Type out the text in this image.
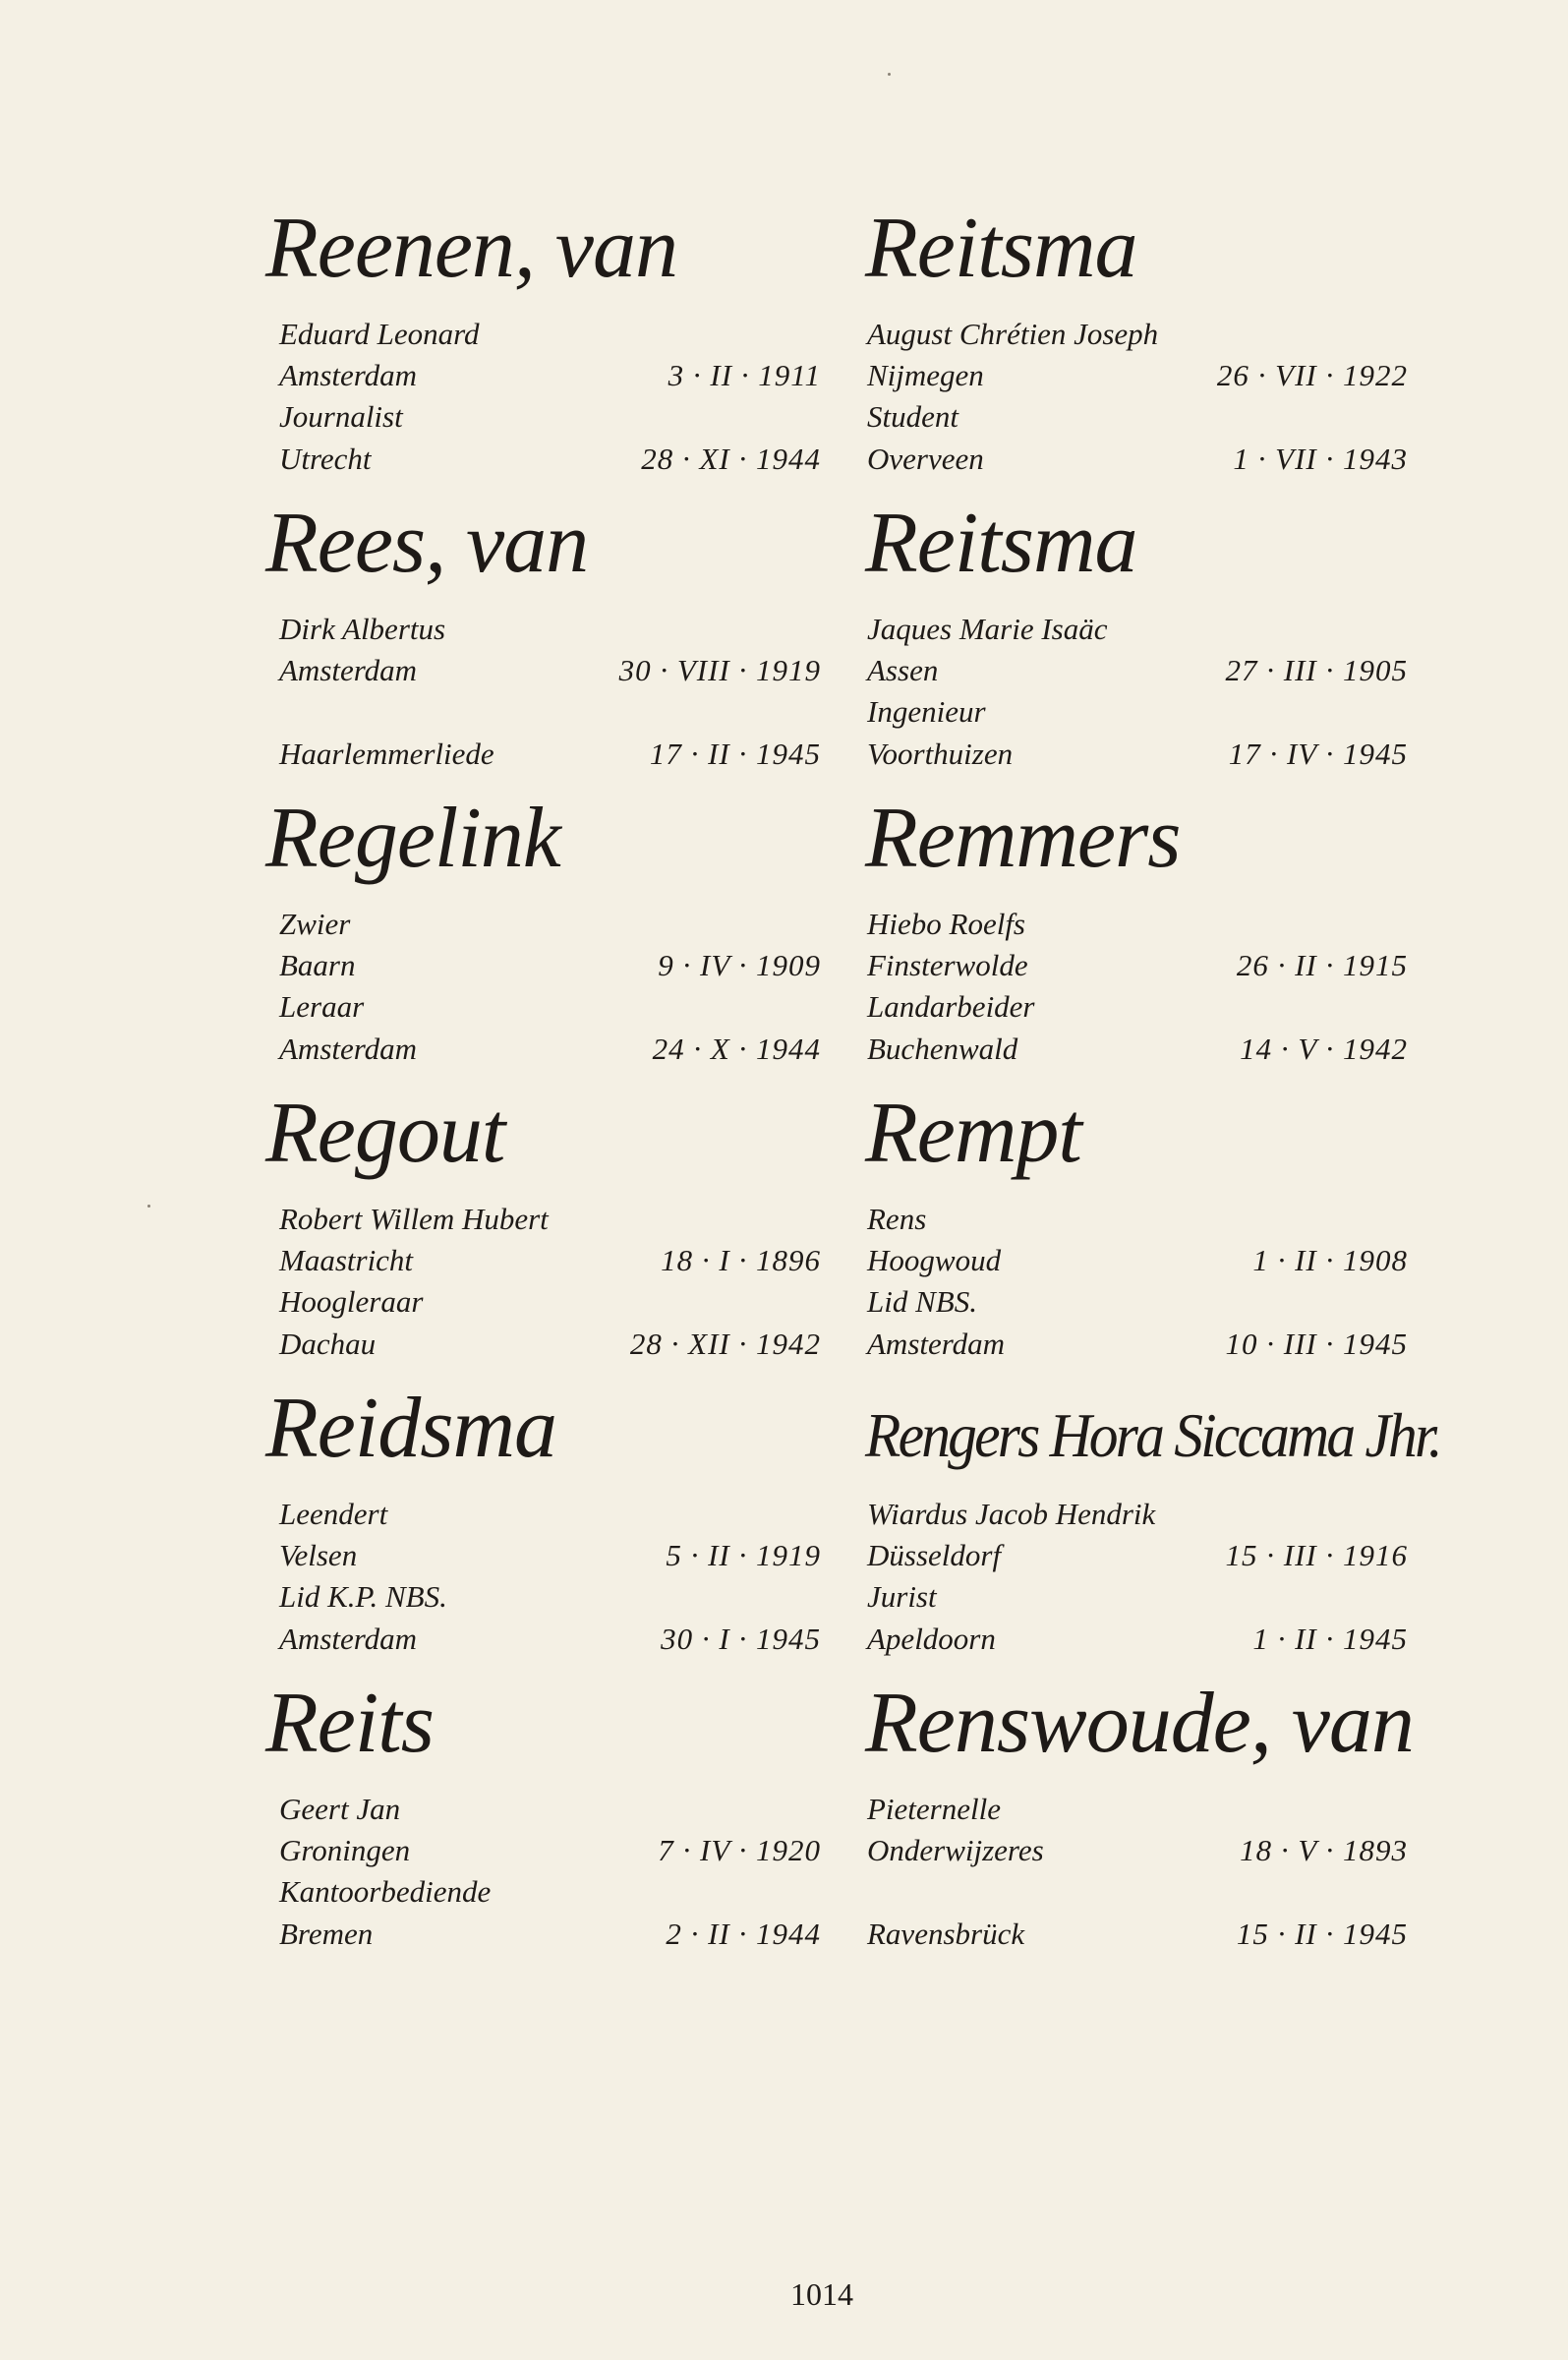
Reenen, van
Eduard Leonard
Amsterdam	3 · II · 1911
Journalist
Utrecht	28 · XI · 1944
Rees, van
Dirk Albertus
Amsterdam	30 · VIII · 1919
Haarlemmerliede	17 · II · 1945
Regelink
Zwier
Baarn	9 · IV · 1909
Leraar
Amsterdam	24 · X · 1944
Regout
Robert Willem Hubert
Maastricht	18 · I · 1896
Hoogleraar
Dachau	28 · XII · 1942
Reidsma
Leendert
Velsen	5 · II · 1919
Lid K.P. NBS.
Amsterdam	30 · I · 1945
Reits
Geert Jan
Groningen	7 · IV · 1920
Kantoorbediende
Bremen	2 · II · 1944
Reitsma
August Chrétien Joseph
Nijmegen	26 · VII · 1922
Student
Overveen	1 · VII · 1943
Reitsma
Jaques Marie Isaäc
Assen	27 · III · 1905
Ingenieur
Voorthuizen	17 · IV · 1945
Remmers
Hiebo Roelfs
Finsterwolde	26 · II · 1915
Landarbeider
Buchenwald	14 · V · 1942
Rempt
Rens
Hoogwoud	1 · II · 1908
Lid NBS.
Amsterdam	10 · III · 1945
Rengers Hora Siccama Jhr.
Wiardus Jacob Hendrik
Düsseldorf	15 · III · 1916
Jurist
Apeldoorn	1 · II · 1945
Renswoude, van
Pieternelle
Onderwijzeres	18 · V · 1893
Ravensbrück	15 · II · 1945
1014
